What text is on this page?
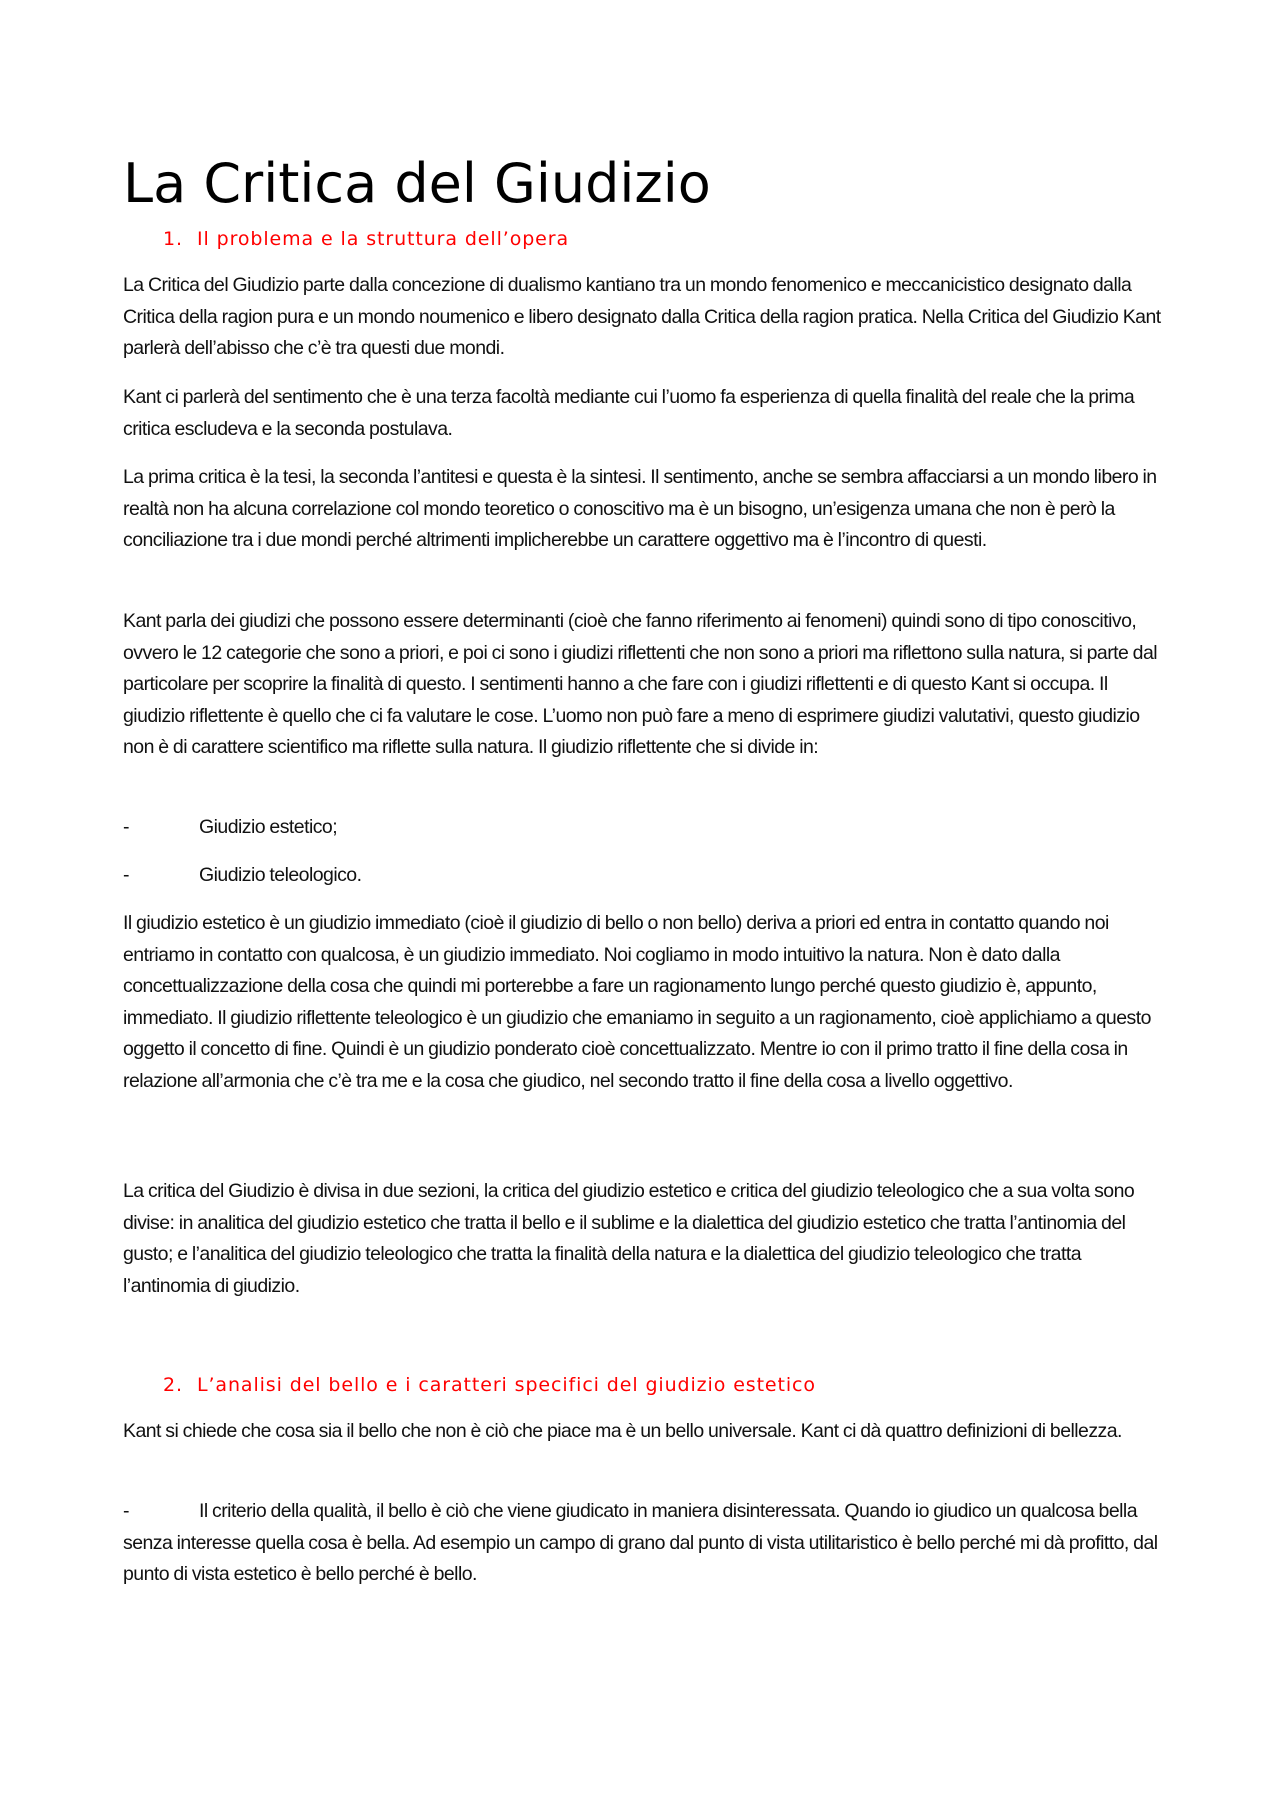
La Critica del Giudizio
1. Il problema e la struttura dell’opera

La Critica del Giudizio parte dalla concezione di dualismo kantiano tra un mondo fenomenico e meccanicistico designato dalla Critica della ragion pura e un mondo noumenico e libero designato dalla Critica della ragion pratica. Nella Critica del Giudizio Kant parlerà dell’abisso che c’è tra questi due mondi.

Kant ci parlerà del sentimento che è una terza facoltà mediante cui l’uomo fa esperienza di quella finalità del reale che la prima critica escludeva e la seconda postulava.

La prima critica è la tesi, la seconda l’antitesi e questa è la sintesi. Il sentimento, anche se sembra affacciarsi a un mondo libero in realtà non ha alcuna correlazione col mondo teoretico o conoscitivo ma è un bisogno, un’esigenza umana che non è però la conciliazione tra i due mondi perché altrimenti implicherebbe un carattere oggettivo ma è l’incontro di questi.

Kant parla dei giudizi che possono essere determinanti (cioè che fanno riferimento ai fenomeni) quindi sono di tipo conoscitivo, ovvero le 12 categorie che sono a priori, e poi ci sono i giudizi riflettenti che non sono a priori ma riflettono sulla natura, si parte dal particolare per scoprire la finalità di questo. I sentimenti hanno a che fare con i giudizi riflettenti e di questo Kant si occupa. Il giudizio riflettente è quello che ci fa valutare le cose. L’uomo non può fare a meno di esprimere giudizi valutativi, questo giudizio non è di carattere scientifico ma riflette sulla natura. Il giudizio riflettente che si divide in:

-	Giudizio estetico;

-	Giudizio teleologico.

Il giudizio estetico è un giudizio immediato (cioè il giudizio di bello o non bello) deriva a priori ed entra in contatto quando noi entriamo in contatto con qualcosa, è un giudizio immediato. Noi cogliamo in modo intuitivo la natura. Non è dato dalla concettualizzazione della cosa che quindi mi porterebbe a fare un ragionamento lungo perché questo giudizio è, appunto, immediato. Il giudizio riflettente teleologico è un giudizio che emaniamo in seguito a un ragionamento, cioè applichiamo a questo oggetto il concetto di fine. Quindi è un giudizio ponderato cioè concettualizzato. Mentre io con il primo tratto il fine della cosa in relazione all’armonia che c’è tra me e la cosa che giudico, nel secondo tratto il fine della cosa a livello oggettivo.

La critica del Giudizio è divisa in due sezioni, la critica del giudizio estetico e critica del giudizio teleologico che a sua volta sono divise: in analitica del giudizio estetico che tratta il bello e il sublime e la dialettica del giudizio estetico che tratta l’antinomia del gusto; e l’analitica del giudizio teleologico che tratta la finalità della natura e la dialettica del giudizio teleologico che tratta l’antinomia di giudizio.

2. L’analisi del bello e i caratteri specifici del giudizio estetico

Kant si chiede che cosa sia il bello che non è ciò che piace ma è un bello universale. Kant ci dà quattro definizioni di bellezza.

-	Il criterio della qualità, il bello è ciò che viene giudicato in maniera disinteressata. Quando io giudico un qualcosa bella senza interesse quella cosa è bella. Ad esempio un campo di grano dal punto di vista utilitaristico è bello perché mi dà profitto, dal punto di vista estetico è bello perché è bello.
